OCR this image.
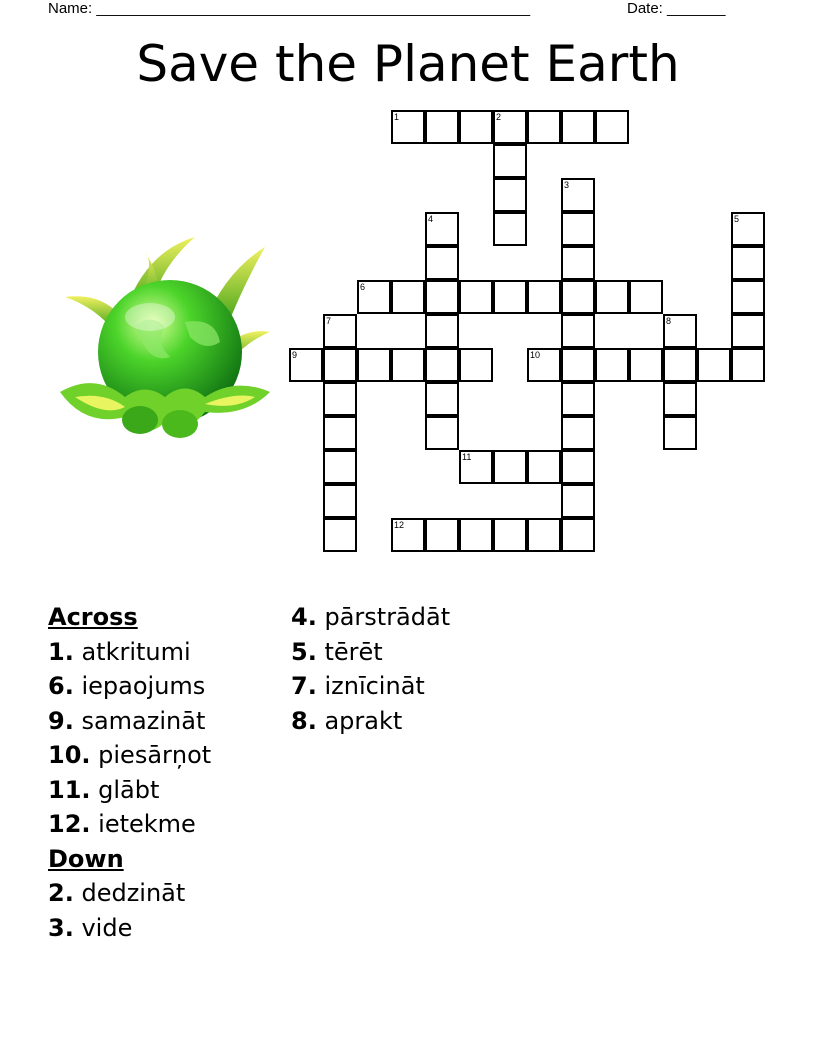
Name: ____________________________________________________	Date: _______
Save the Planet Earth
1	2
3
4	5
6
7	8
9	10
11
12
Across
1. atkritumi
6. iepaojums
9. samazināt
10. piesārņot
11. glābt
12. ietekme
Down
2. dedzināt
3. vide
4. pārstrādāt
5. tērēt
7. iznīcināt
8. aprakt
